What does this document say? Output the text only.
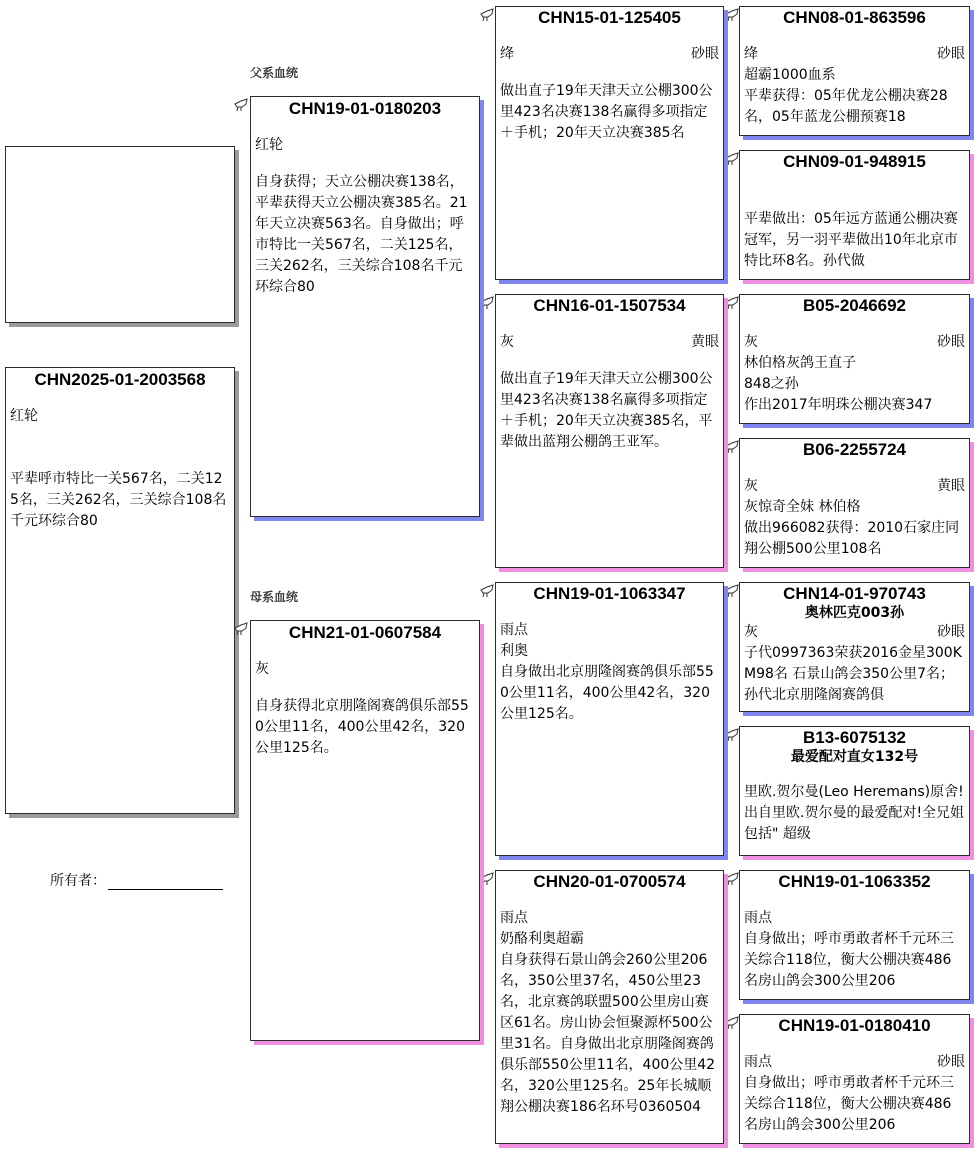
CHN2025-01-2003568
红轮
平辈呼市特比一关567名，二关125名，三关262名，三关综合108名千元环综合80
所有者：
父系血统
母系血统
CHN19-01-0180203
红轮
自身获得；天立公棚决赛138名，平辈获得天立公棚决赛385名。21年天立决赛563名。自身做出；呼市特比一关567名，二关125名，三关262名，三关综合108名千元环综合80
CHN21-01-0607584
灰
自身获得北京朋隆阁赛鸽俱乐部550公里11名，400公里42名，320公里125名。
CHN15-01-125405
绛	砂眼
做出直子19年天津天立公棚300公里423名决赛138名赢得多项指定＋手机；20年天立决赛385名
CHN16-01-1507534
灰	黄眼
做出直子19年天津天立公棚300公里423名决赛138名赢得多项指定＋手机；20年天立决赛385名，平辈做出蓝翔公棚鸽王亚军。
CHN19-01-1063347
雨点
利奥
自身做出北京朋隆阁赛鸽俱乐部550公里11名，400公里42名，320公里125名。
CHN20-01-0700574
雨点
奶酪利奥超霸
自身获得石景山鸽会260公里206名，350公里37名，450公里23名，北京赛鸽联盟500公里房山赛区61名。房山协会恒聚源杯500公里31名。自身做出北京朋隆阁赛鸽俱乐部550公里11名，400公里42名，320公里125名。25年长城顺翔公棚决赛186名环号0360504
CHN08-01-863596
绛	砂眼
超霸1000血系
平辈获得：05年优龙公棚决赛28名，05年蓝龙公棚预赛18
CHN09-01-948915
平辈做出：05年远方蓝通公棚决赛冠军，另一羽平辈做出10年北京市特比环8名。孙代做
B05-2046692
灰	砂眼
林伯格灰鸽王直子
848之孙
作出2017年明珠公棚决赛347
B06-2255724
灰	黄眼
灰惊奇全妹 林伯格
做出966082获得：2010石家庄同翔公棚500公里108名
CHN14-01-970743
奥林匹克003孙
灰	砂眼
子代0997363荣获2016金星300KM98名 石景山鸽会350公里7名；孙代北京朋隆阁赛鸽俱
B13-6075132
最爱配对直女132号
里欧.贺尔曼(Leo Heremans)原舍!出自里欧.贺尔曼的最爱配对!全兄姐包括" 超级
CHN19-01-1063352
雨点
自身做出；呼市勇敢者杯千元环三关综合118位，衡大公棚决赛486名房山鸽会300公里206
CHN19-01-0180410
雨点	砂眼
自身做出；呼市勇敢者杯千元环三关综合118位，衡大公棚决赛486名房山鸽会300公里206
